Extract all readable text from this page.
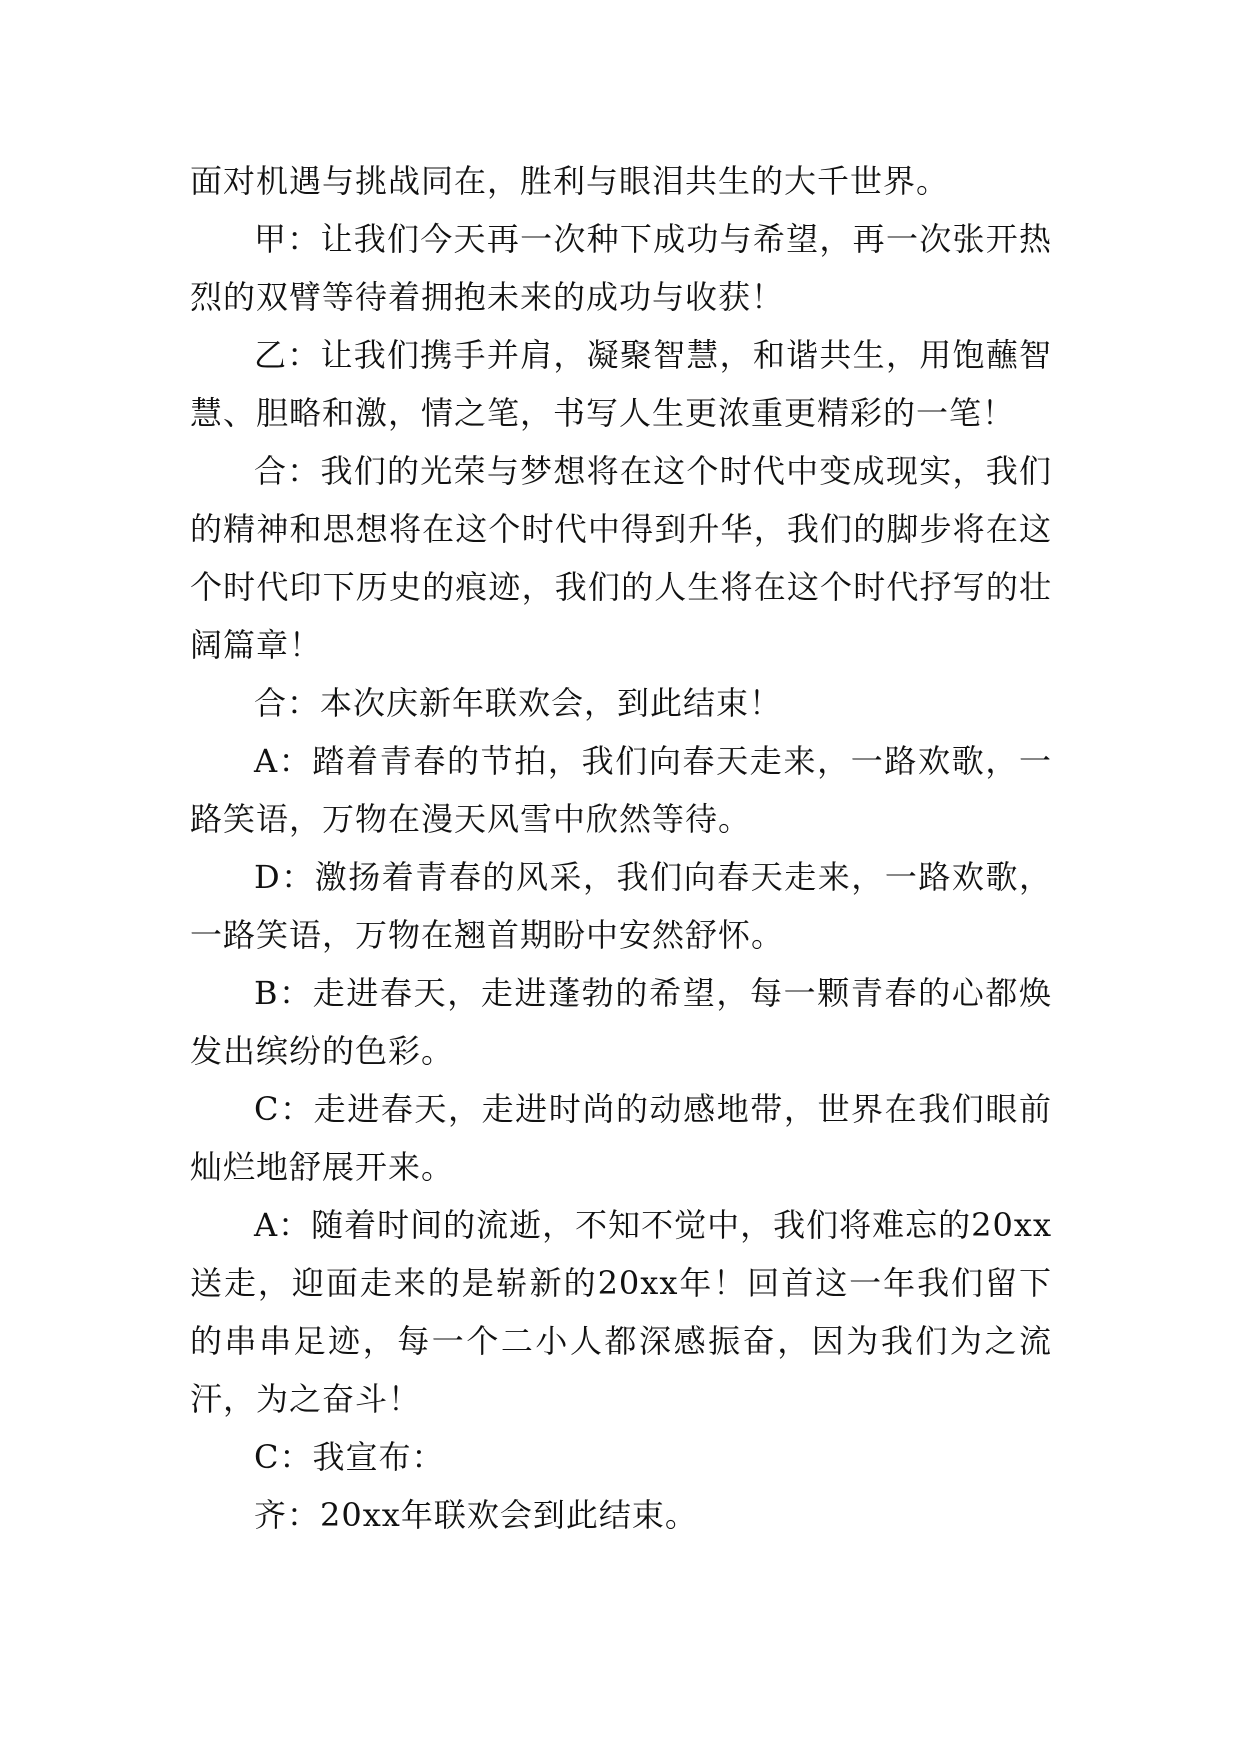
面对机遇与挑战同在，胜利与眼泪共生的大千世界。

甲：让我们今天再一次种下成功与希望，再一次张开热烈的双臂等待着拥抱未来的成功与收获！

乙：让我们携手并肩，凝聚智慧，和谐共生，用饱蘸智慧、胆略和激，情之笔，书写人生更浓重更精彩的一笔！

合：我们的光荣与梦想将在这个时代中变成现实，我们的精神和思想将在这个时代中得到升华，我们的脚步将在这个时代印下历史的痕迹，我们的人生将在这个时代抒写的壮阔篇章！

合：本次庆新年联欢会，到此结束！

A：踏着青春的节拍，我们向春天走来，一路欢歌，一路笑语，万物在漫天风雪中欣然等待。

D：激扬着青春的风采，我们向春天走来，一路欢歌，一路笑语，万物在翘首期盼中安然舒怀。

B：走进春天，走进蓬勃的希望，每一颗青春的心都焕发出缤纷的色彩。

C：走进春天，走进时尚的动感地带，世界在我们眼前灿烂地舒展开来。

A：随着时间的流逝，不知不觉中，我们将难忘的20xx送走，迎面走来的是崭新的20xx年！回首这一年我们留下的串串足迹，每一个二小人都深感振奋，因为我们为之流汗，为之奋斗！

C：我宣布：

齐：20xx年联欢会到此结束。
